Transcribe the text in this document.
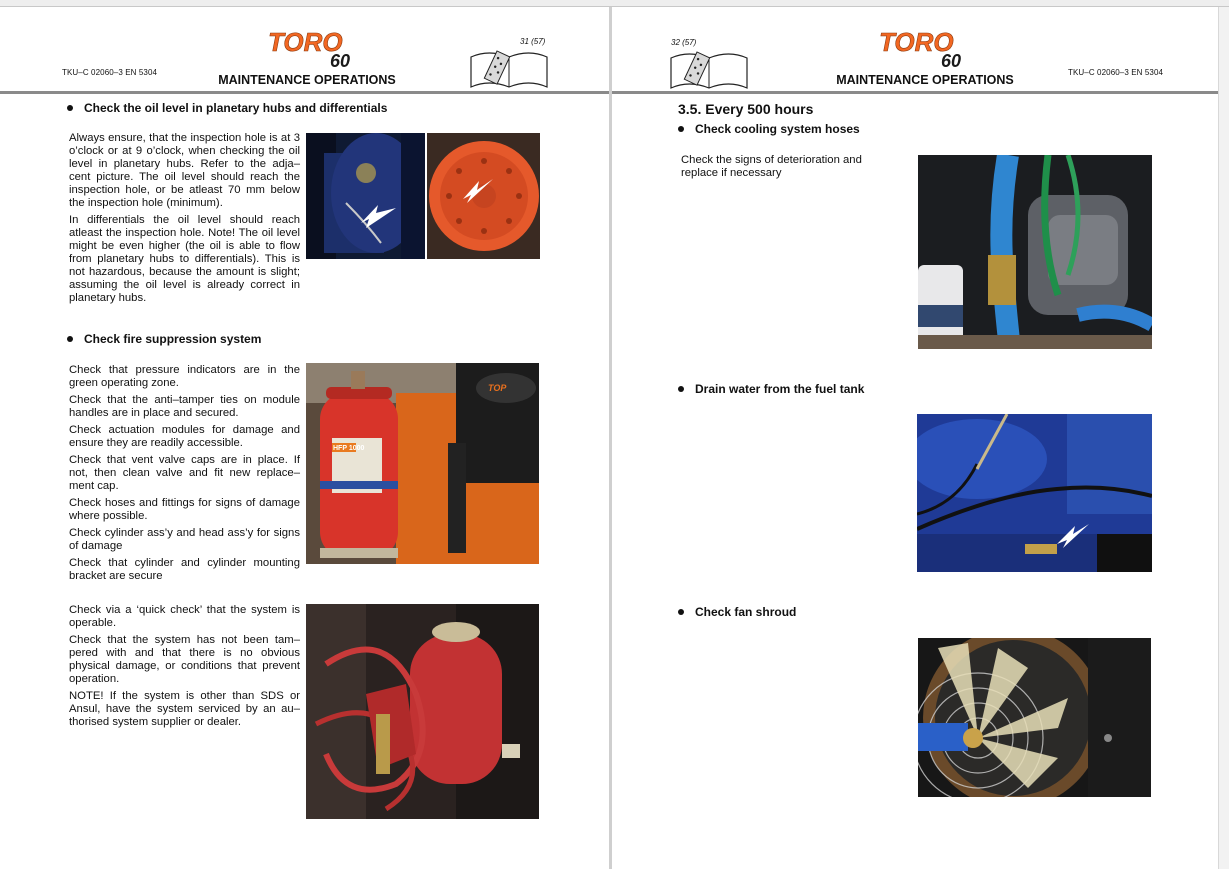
TKU–C 02060–3 EN 5304
TORO
60
MAINTENANCE OPERATIONS
31 (57)
Check the oil level in planetary hubs and differentials

Always ensure, that the inspection hole is at 3 o’clock or at 9 o’clock, when checking the oil level in planetary hubs. Refer to the adja– cent picture. The oil level should reach the inspection hole, or be atleast 70 mm below the inspection hole (minimum).

In differentials the oil level should reach atleast the inspection hole. Note! The oil level might be even higher (the oil is able to flow from planetary hubs to differentials). This is not hazardous, because the amount is slight; assuming the oil level is already correct in planetary hubs.

Check fire suppression system

Check that pressure indicators are in the green operating zone.

Check that the anti–tamper ties on module handles are in place and secured.

Check actuation modules for damage and ensure they are readily accessible.

Check that vent valve caps are in place. If not, then clean valve and fit new replace– ment cap.

Check hoses and fittings for signs of damage where possible.

Check cylinder ass’y and head ass’y for signs of damage

Check that cylinder and cylinder mounting bracket are secure

Check via a ‘quick check’ that the system is operable.

Check that the system has not been tam– pered with and that there is no obvious physical damage, or conditions that prevent operation.

NOTE! If the system is other than SDS or Ansul, have the system serviced by an au– thorised system supplier or dealer.

TOP
HFP 1000
32 (57)	TORO
60
MAINTENANCE OPERATIONS
TKU–C 02060–3 EN 5304
3.5. Every 500 hours
Check cooling system hoses

Check the signs of deterioration and replace if necessary

Drain water from the fuel tank
Check fan shroud
